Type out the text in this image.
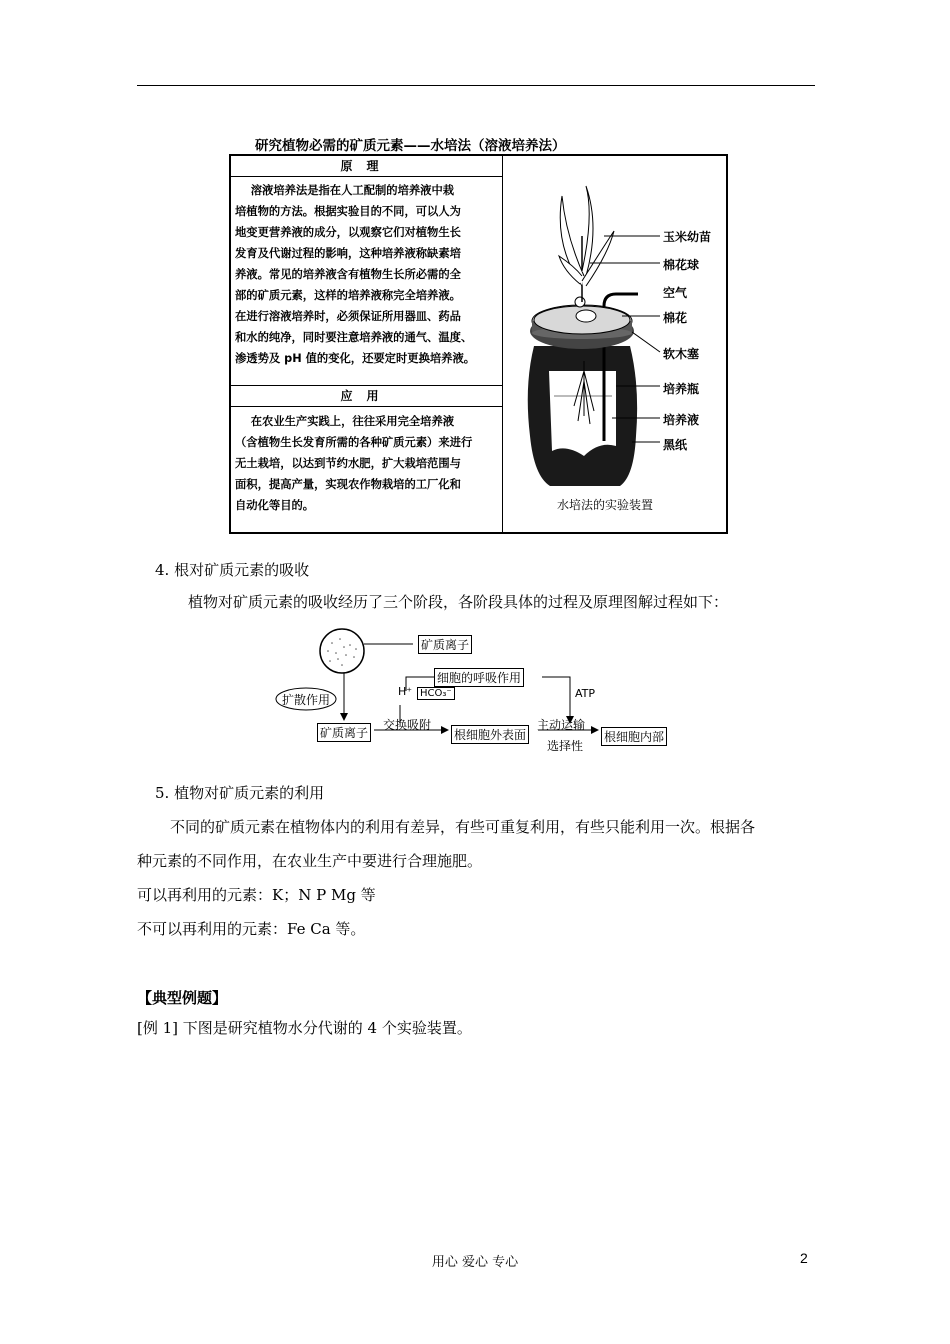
研究植物必需的矿质元素——水培法（溶液培养法）
原理
溶液培养法是指在人工配制的培养液中栽
培植物的方法。根据实验目的不同，可以人为
地变更营养液的成分，以观察它们对植物生长
发育及代谢过程的影响，这种培养液称缺素培
养液。常见的培养液含有植物生长所必需的全
部的矿质元素，这样的培养液称完全培养液。
在进行溶液培养时，必须保证所用器皿、药品
和水的纯净，同时要注意培养液的通气、温度、
渗透势及 pH 值的变化，还要定时更换培养液。
应用
在农业生产实践上，往往采用完全培养液
（含植物生长发育所需的各种矿质元素）来进行
无土栽培，以达到节约水肥，扩大栽培范围与
面积，提高产量，实现农作物栽培的工厂化和
自动化等目的。
玉米幼苗
棉花球
空气
棉花
软木塞
培养瓶
培养液
黑纸
水培法的实验装置
4. 根对矿质元素的吸收
植物对矿质元素的吸收经历了三个阶段，各阶段具体的过程及原理图解过程如下：
矿质离子
细胞的呼吸作用
H⁺ HCO₃⁻	ATP
扩散作用
矿质离子
交换吸附
根细胞外表面
主动运输
选择性
根细胞内部
5. 植物对矿质元素的利用
不同的矿质元素在植物体内的利用有差异，有些可重复利用，有些只能利用一次。根据各
种元素的不同作用，在农业生产中要进行合理施肥。
可以再利用的元素：K；N P Mg 等
不可以再利用的元素：Fe Ca 等。
【典型例题】
[例 1] 下图是研究植物水分代谢的 4 个实验装置。
用心 爱心 专心	2
